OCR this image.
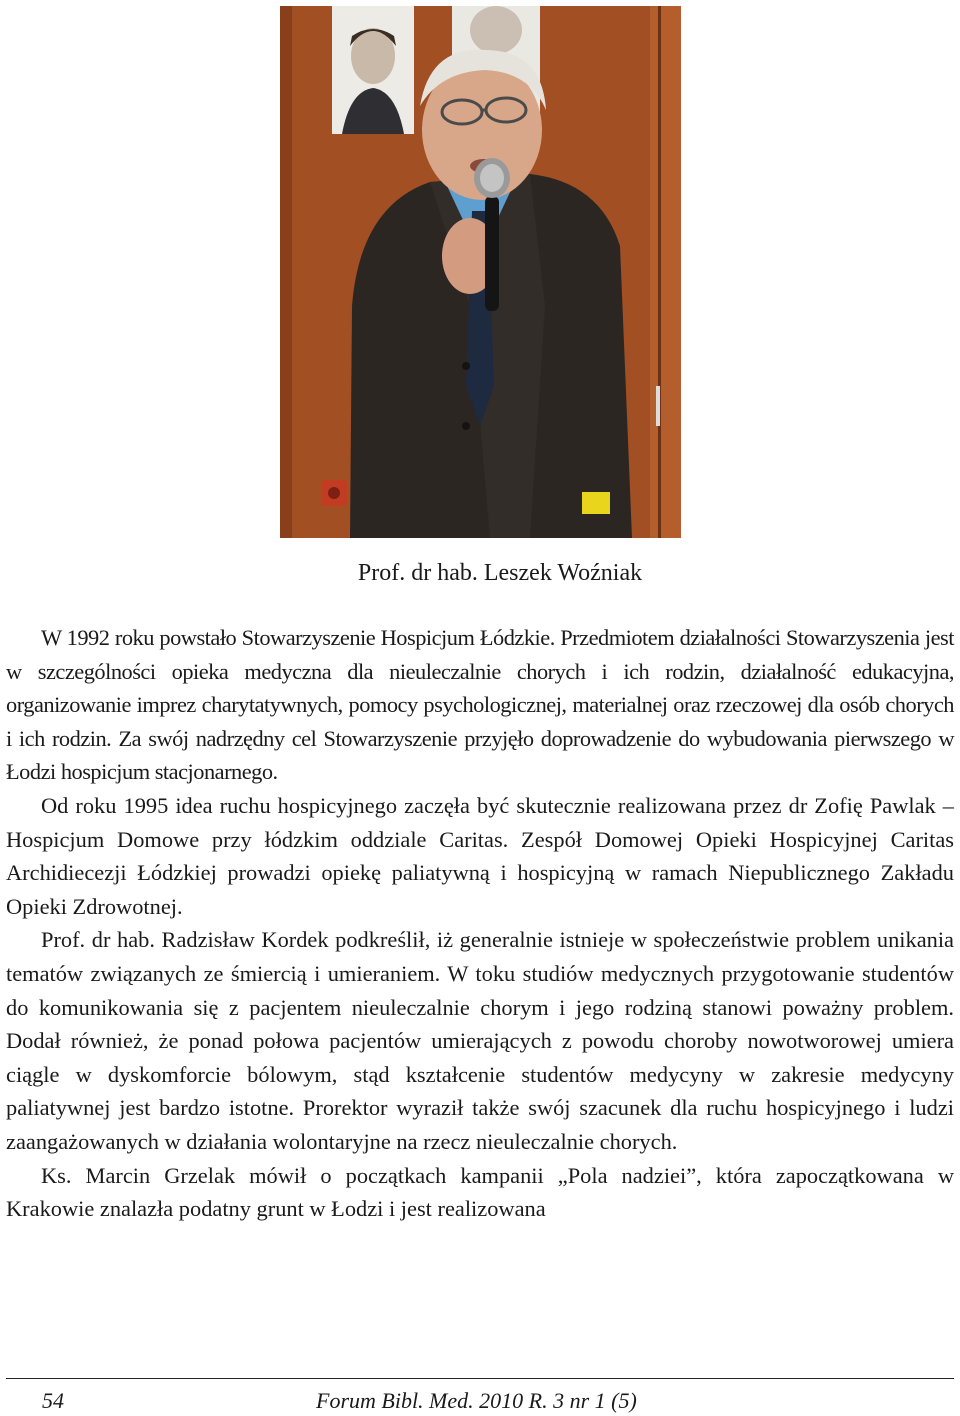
Prof. dr hab. Leszek Woźniak

W 1992 roku powstało Stowarzyszenie Hospicjum Łódzkie. Przedmiotem działalności Stowarzyszenia jest w szczególności opieka medyczna dla nieuleczalnie chorych i ich rodzin, działalność edukacyjna, organizowanie imprez charytatywnych, pomocy psychologicznej, materialnej oraz rzeczowej dla osób chorych i ich rodzin. Za swój nadrzędny cel Stowarzyszenie przyjęło doprowadzenie do wybudowania pierwszego w Łodzi hospicjum stacjonarnego.

Od roku 1995 idea ruchu hospicyjnego zaczęła być skutecznie realizowana przez dr Zofię Pawlak – Hospicjum Domowe przy łódzkim oddziale Caritas. Zespół Domowej Opieki Hospicyjnej Caritas Archidiecezji Łódzkiej prowadzi opiekę paliatywną i hospicyjną w ramach Niepublicznego Zakładu Opieki Zdrowotnej.

Prof. dr hab. Radzisław Kordek podkreślił, iż generalnie istnieje w społeczeństwie problem unikania tematów związanych ze śmiercią i umieraniem. W toku studiów medycznych przygotowanie studentów do komunikowania się z pacjentem nieuleczalnie chorym i jego rodziną stanowi poważny problem. Dodał również, że ponad połowa pacjentów umierających z powodu choroby nowotworowej umiera ciągle w dyskomforcie bólowym, stąd kształcenie studentów medycyny w zakresie medycyny paliatywnej jest bardzo istotne. Prorektor wyraził także swój szacunek dla ruchu hospicyjnego i ludzi zaangażowanych w działania wolontaryjne na rzecz nieuleczalnie chorych.

Ks. Marcin Grzelak mówił o początkach kampanii „Pola nadziei”, która zapoczątkowana w Krakowie znalazła podatny grunt w Łodzi i jest realizowana

54	Forum Bibl. Med. 2010 R. 3 nr 1 (5)
